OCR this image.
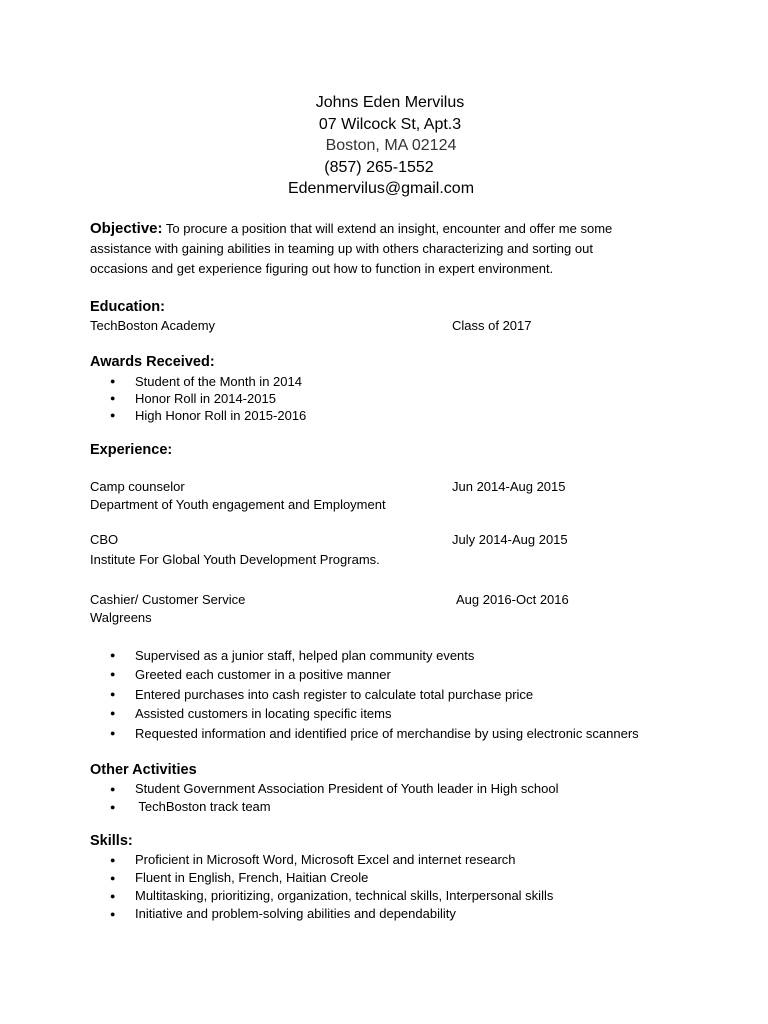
Johns Eden Mervilus
07 Wilcock St, Apt.3
Boston, MA 02124
(857) 265-1552
Edenmervilus@gmail.com
Objective: To procure a position that will extend an insight, encounter and offer me some assistance with gaining abilities in teaming up with others characterizing and sorting out occasions and get experience figuring out how to function in expert environment.
Education:
TechBoston Academy	Class of 2017
Awards Received:
● Student of the Month in 2014
● Honor Roll in 2014-2015
● High Honor Roll in 2015-2016
Experience:
Camp counselor	Jun 2014-Aug 2015
Department of Youth engagement and Employment
CBO	July 2014-Aug 2015
Institute For Global Youth Development Programs.
Cashier/ Customer Service	Aug 2016-Oct 2016
Walgreens
● Supervised as a junior staff, helped plan community events
● Greeted each customer in a positive manner
● Entered purchases into cash register to calculate total purchase price
● Assisted customers in locating specific items
● Requested information and identified price of merchandise by using electronic scanners
Other Activities
● Student Government Association President of Youth leader in High school
●  TechBoston track team
Skills:
● Proficient in Microsoft Word, Microsoft Excel and internet research
● Fluent in English, French, Haitian Creole
● Multitasking, prioritizing, organization, technical skills, Interpersonal skills
● Initiative and problem-solving abilities and dependability
